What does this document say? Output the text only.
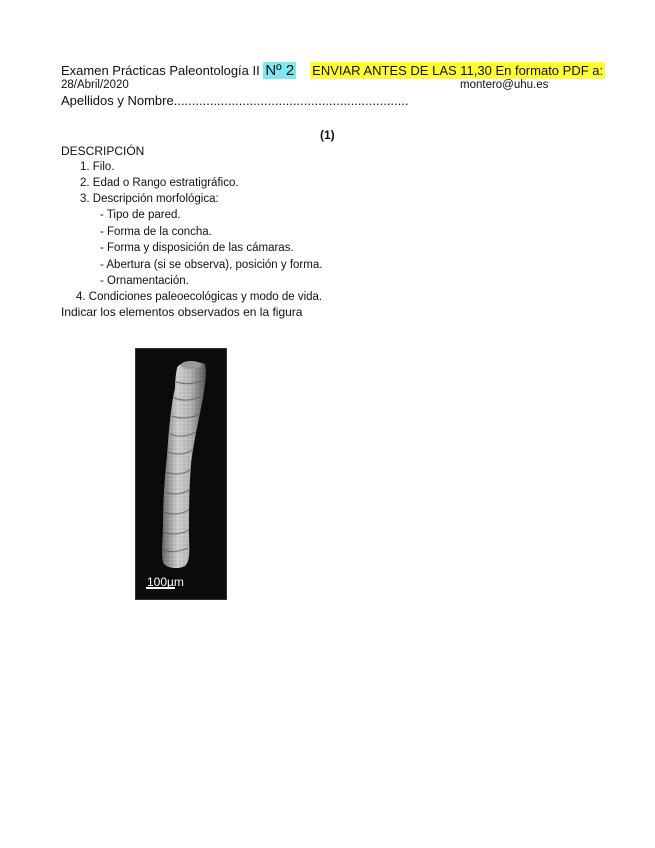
Examen Prácticas Paleontología II Nº 2 ENVIAR ANTES DE LAS 11,30 En formato PDF a:
28/Abril/2020	montero@uhu.es
Apellidos y Nombre.................................................................
(1)
DESCRIPCIÓN
1. Filo.
2. Edad o Rango estratigráfico.
3. Descripción morfológica:
- Tipo de pared.
- Forma de la concha.
- Forma y disposición de las cámaras.
- Abertura (si se observa), posición y forma.
- Ornamentación.
4. Condiciones paleoecológicas y modo de vida.
Indicar los elementos observados en la figura
100µm
